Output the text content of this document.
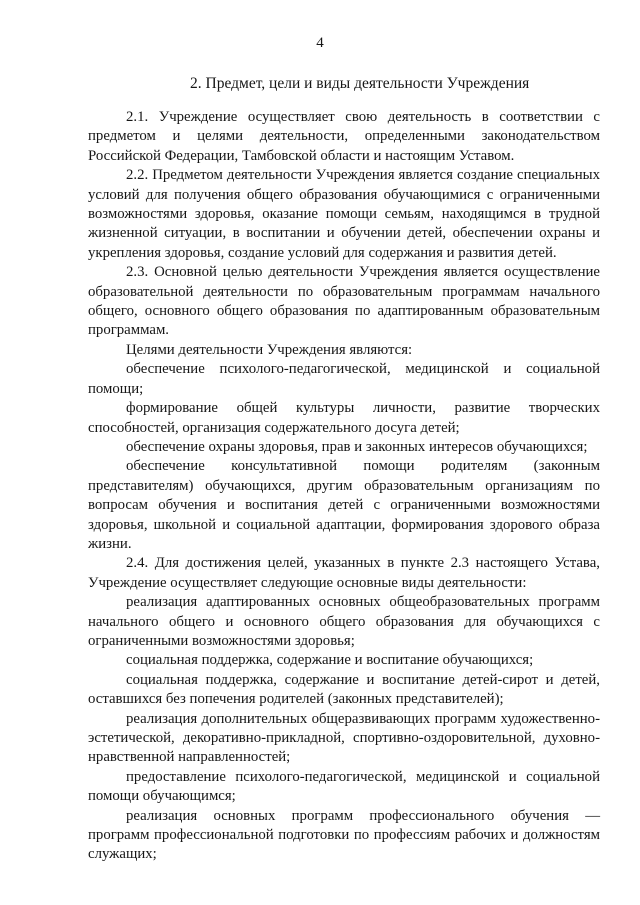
4
2. Предмет, цели и виды деятельности Учреждения

2.1. Учреждение осуществляет свою деятельность в соответствии с предметом и целями деятельности, определенными законодательством Российской Федерации, Тамбовской области и настоящим Уставом.

2.2. Предметом деятельности Учреждения является создание специальных условий для получения общего образования обучающимися с ограниченными возможностями здоровья, оказание помощи семьям, находящимся в трудной жизненной ситуации, в воспитании и обучении детей, обеспечении охраны и укрепления здоровья, создание условий для содержания и развития детей.

2.3. Основной целью деятельности Учреждения является осуществление образовательной деятельности по образовательным программам начального общего, основного общего образования по адаптированным образовательным программам.

Целями деятельности Учреждения являются:

обеспечение психолого-педагогической, медицинской и социальной помощи;

формирование общей культуры личности, развитие творческих способностей, организация содержательного досуга детей;

обеспечение охраны здоровья, прав и законных интересов обучающихся;

обеспечение консультативной помощи родителям (законным представителям) обучающихся, другим образовательным организациям по вопросам обучения и воспитания детей с ограниченными возможностями здоровья, школьной и социальной адаптации, формирования здорового образа жизни.

2.4. Для достижения целей, указанных в пункте 2.3 настоящего Устава, Учреждение осуществляет следующие основные виды деятельности:

реализация адаптированных основных общеобразовательных программ начального общего и основного общего образования для обучающихся с ограниченными возможностями здоровья;

социальная поддержка, содержание и воспитание обучающихся;

социальная поддержка, содержание и воспитание детей-сирот и детей, оставшихся без попечения родителей (законных представителей);

реализация дополнительных общеразвивающих программ художественно-эстетической, декоративно-прикладной, спортивно-оздоровительной, духовно-нравственной направленностей;

предоставление психолого-педагогической, медицинской и социальной помощи обучающимся;

реализация основных программ профессионального обучения — программ профессиональной подготовки по профессиям рабочих и должностям служащих;
